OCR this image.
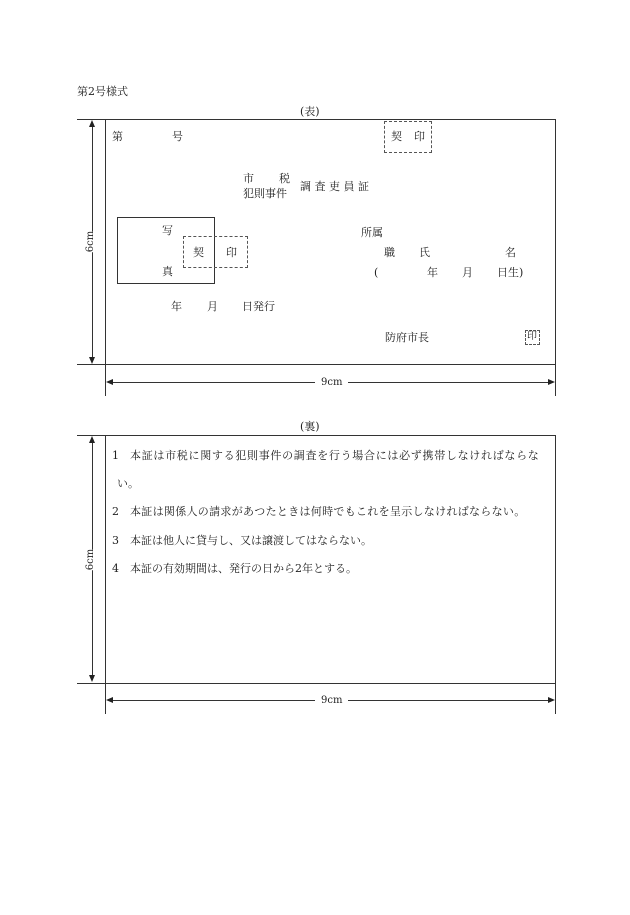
第2号様式
(表)
6cm
9cm
第	号	契 印
市 税
犯則事件
調 査 吏 員 証
写
真
契 印
所属
職 氏	名
(	年 月 日生)
年 月 日発行
防府市長	印
(裏)
6cm
9cm
1 本証は市税に関する犯則事件の調査を行う場合には必ず携帯しなければならな
い。
2 本証は関係人の請求があつたときは何時でもこれを呈示しなければならない。
3 本証は他人に貸与し、又は譲渡してはならない。
4 本証の有効期間は、発行の日から2年とする。
